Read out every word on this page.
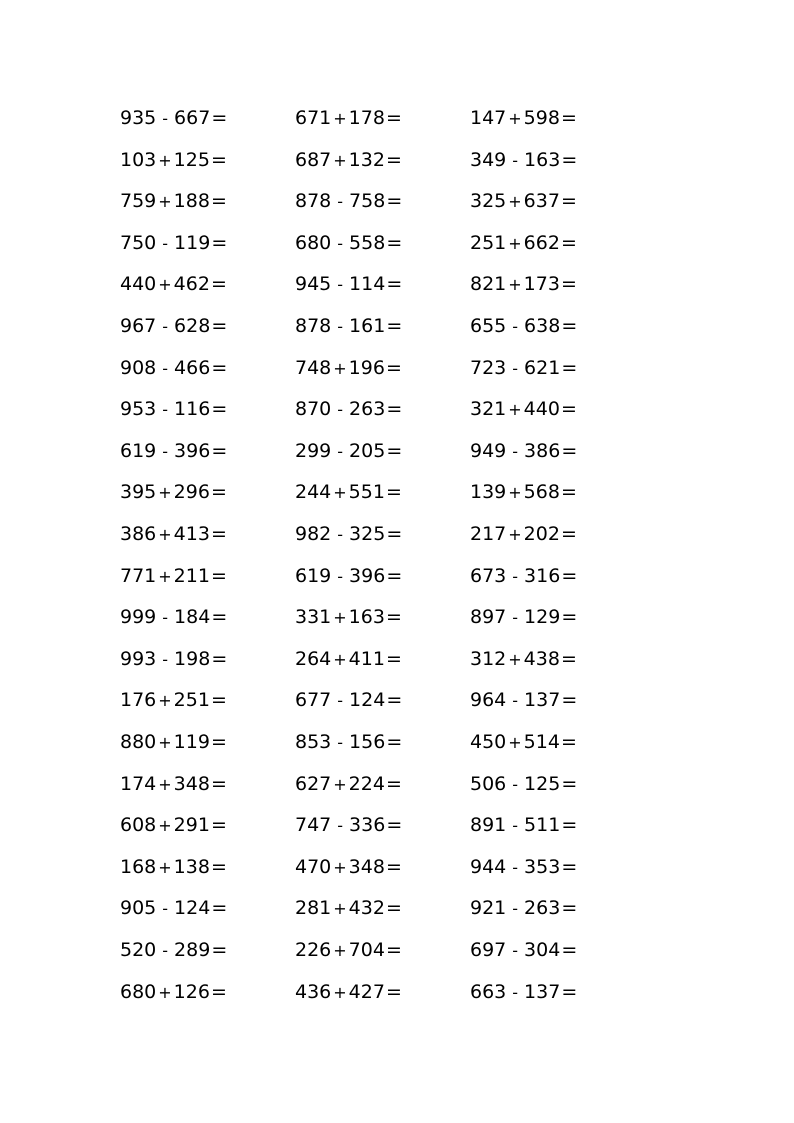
935 - 667=	671 + 178=	147 + 598=
103 + 125=	687 + 132=	349 - 163=
759 + 188=	878 - 758=	325 + 637=
750 - 119=	680 - 558=	251 + 662=
440 + 462=	945 - 114=	821 + 173=
967 - 628=	878 - 161=	655 - 638=
908 - 466=	748 + 196=	723 - 621=
953 - 116=	870 - 263=	321 + 440=
619 - 396=	299 - 205=	949 - 386=
395 + 296=	244 + 551=	139 + 568=
386 + 413=	982 - 325=	217 + 202=
771 + 211=	619 - 396=	673 - 316=
999 - 184=	331 + 163=	897 - 129=
993 - 198=	264 + 411=	312 + 438=
176 + 251=	677 - 124=	964 - 137=
880 + 119=	853 - 156=	450 + 514=
174 + 348=	627 + 224=	506 - 125=
608 + 291=	747 - 336=	891 - 511=
168 + 138=	470 + 348=	944 - 353=
905 - 124=	281 + 432=	921 - 263=
520 - 289=	226 + 704=	697 - 304=
680 + 126=	436 + 427=	663 - 137=
